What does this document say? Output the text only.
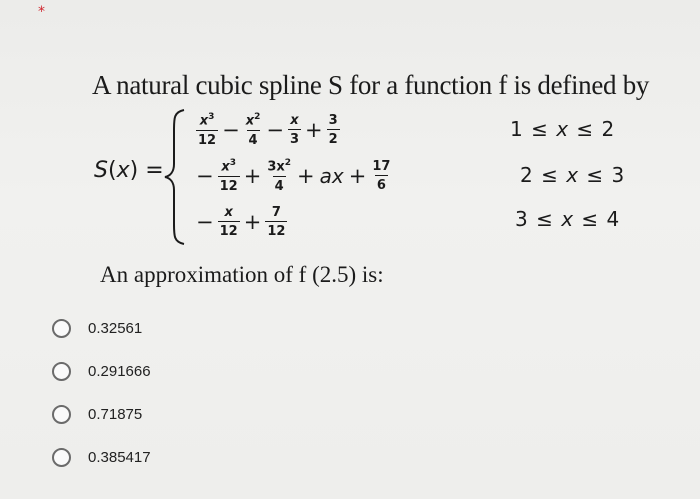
*
A natural cubic spline S for a function f is defined by
S(x) =
$\frac{x^3}{12} - \frac{x^2}{4} - \frac{x}{3} + \frac{3}{2}$	1 ≤ x ≤ 2
− $\frac{x^3}{12} + \frac{3x^2}{4}$ + ax + $\frac{17}{6}$	2 ≤ x ≤ 3
− $\frac{x}{12} + \frac{7}{12}$	3 ≤ x ≤ 4
An approximation of f (2.5) is:
0.32561
0.291666
0.71875
0.385417
